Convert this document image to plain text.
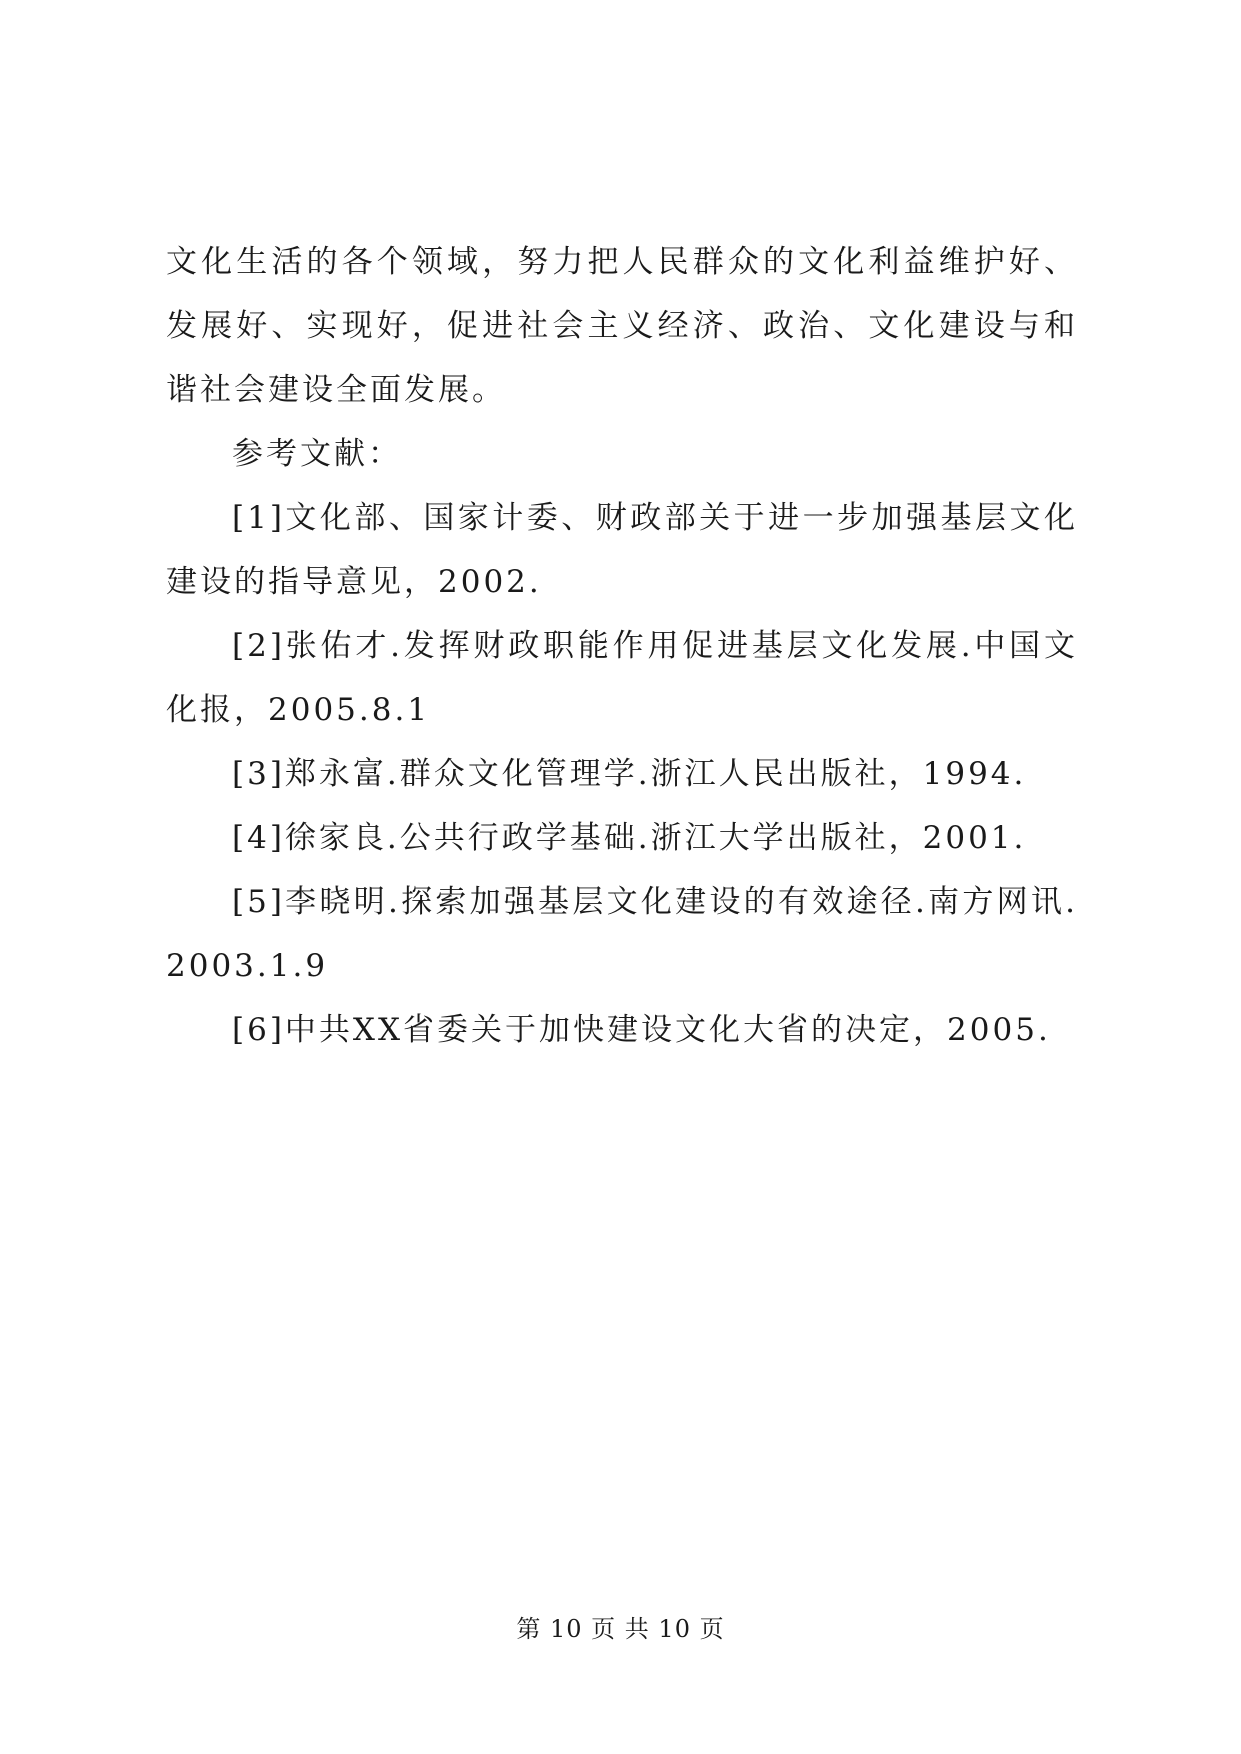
文化生活的各个领域，努力把人民群众的文化利益维护好、发展好、实现好，促进社会主义经济、政治、文化建设与和谐社会建设全面发展。

参考文献：

[1]文化部、国家计委、财政部关于进一步加强基层文化建设的指导意见，2002.

[2]张佑才.发挥财政职能作用促进基层文化发展.中国文化报，2005.8.1

[3]郑永富.群众文化管理学.浙江人民出版社，1994.

[4]徐家良.公共行政学基础.浙江大学出版社，2001.

[5]李晓明.探索加强基层文化建设的有效途径.南方网讯.2003.1.9

[6]中共XX省委关于加快建设文化大省的决定，2005.

第 10 页 共 10 页
